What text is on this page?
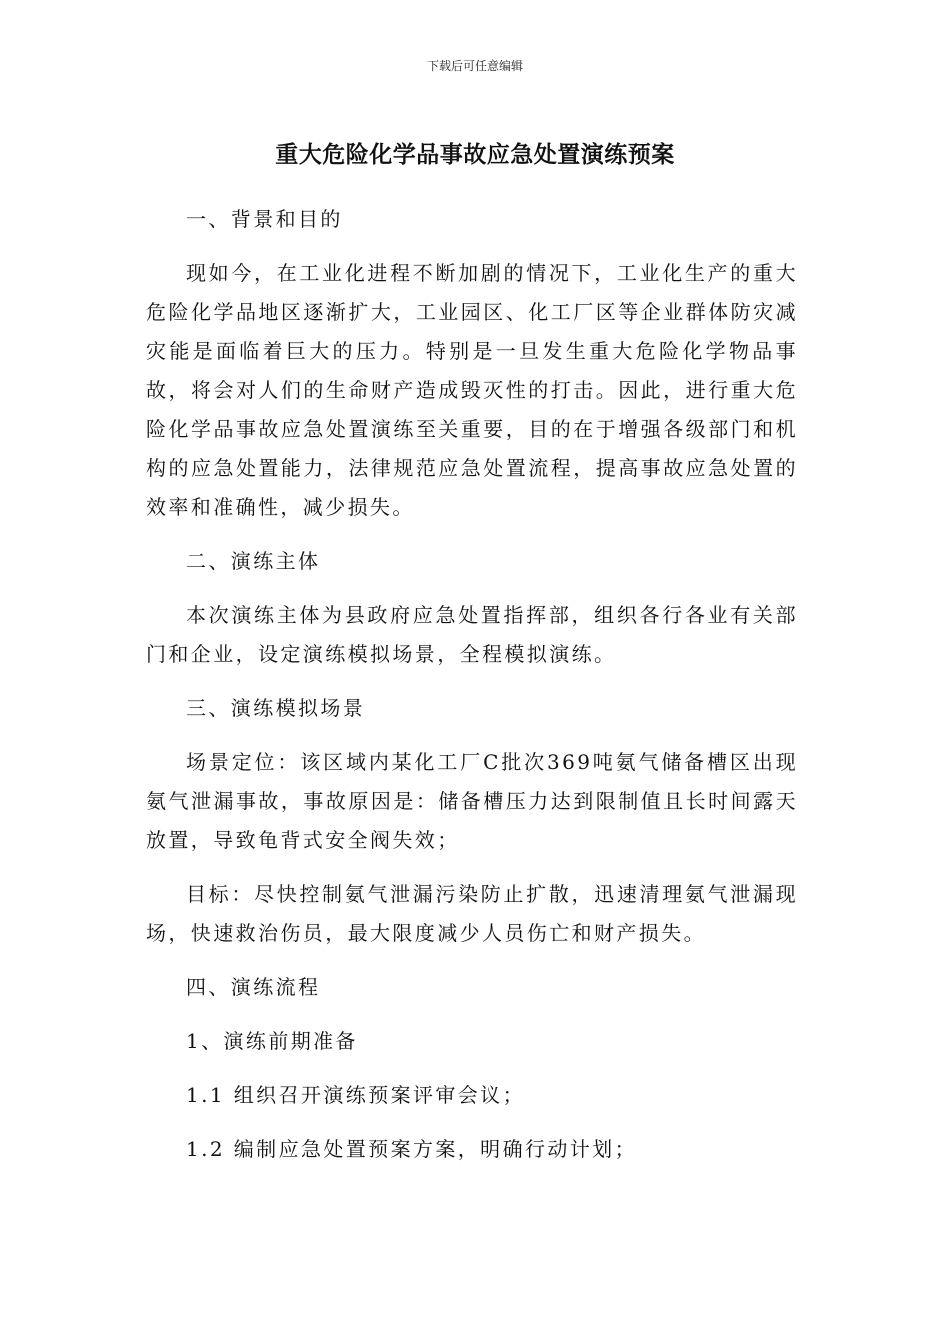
下载后可任意编辑
重大危险化学品事故应急处置演练预案

一、背景和目的

现如今，在工业化进程不断加剧的情况下，工业化生产的重大危险化学品地区逐渐扩大，工业园区、化工厂区等企业群体防灾减灾能是面临着巨大的压力。特别是一旦发生重大危险化学物品事故，将会对人们的生命财产造成毁灭性的打击。因此，进行重大危险化学品事故应急处置演练至关重要，目的在于增强各级部门和机构的应急处置能力，法律规范应急处置流程，提高事故应急处置的效率和准确性，减少损失。

二、演练主体

本次演练主体为县政府应急处置指挥部，组织各行各业有关部门和企业，设定演练模拟场景，全程模拟演练。

三、演练模拟场景

场景定位：该区域内某化工厂C批次369吨氨气储备槽区出现氨气泄漏事故，事故原因是：储备槽压力达到限制值且长时间露天放置，导致龟背式安全阀失效；

目标：尽快控制氨气泄漏污染防止扩散，迅速清理氨气泄漏现场，快速救治伤员，最大限度减少人员伤亡和财产损失。

四、演练流程

1、演练前期准备

1.1 组织召开演练预案评审会议；

1.2 编制应急处置预案方案，明确行动计划；
